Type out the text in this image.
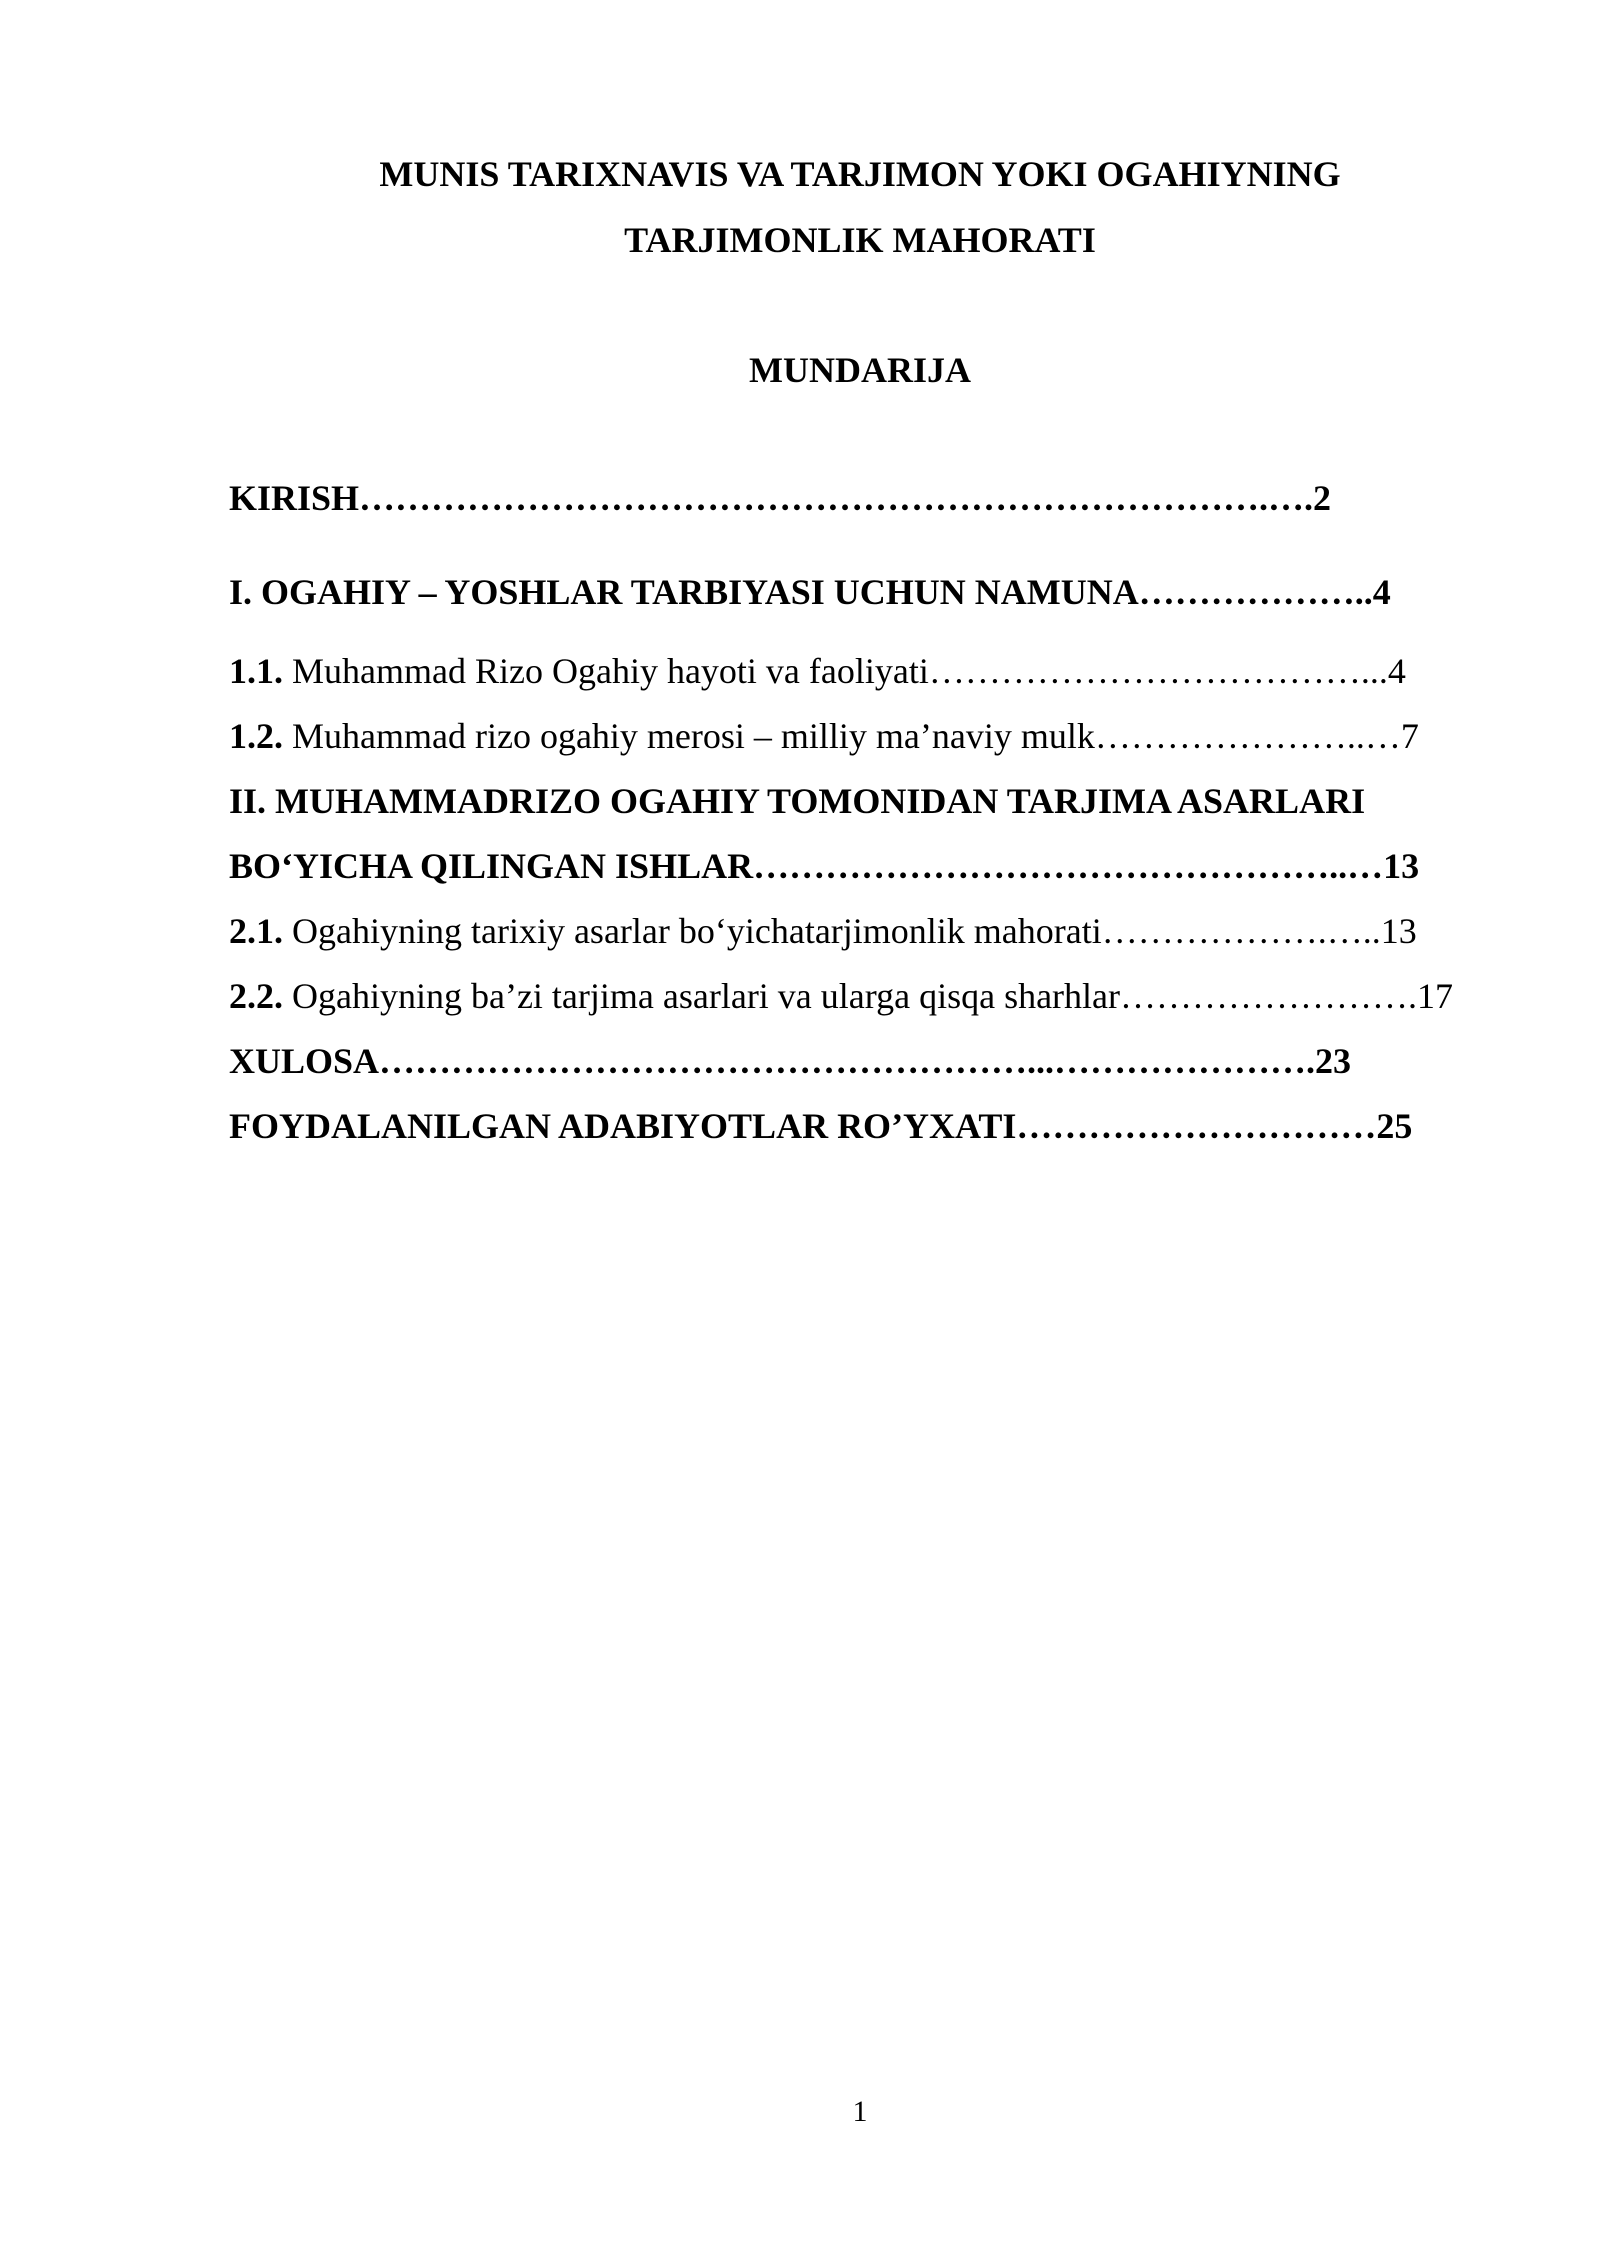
MUNIS TARIXNAVIS VA TARJIMON YOKI OGAHIYNING

TARJIMONLIK MAHORATI

MUNDARIJA

KIRISH………………………………………………………………….….2

I. OGAHIY – YOSHLAR TARBIYASI UCHUN NAMUNA………………..4

1.1. Muhammad Rizo Ogahiy hayoti va faoliyati………………………………...4

1.2. Muhammad rizo ogahiy merosi – milliy ma’naviy mulk…………………..…7

II. MUHAMMADRIZO OGAHIY TOMONIDAN TARJIMA ASARLARI

BO‘YICHA QILINGAN ISHLAR…………………………………………..…13

2.1. Ogahiyning tarixiy asarlar bo‘yichatarjimonlik mahorati……………….…..13

2.2. Ogahiyning ba’zi tarjima asarlari va ularga qisqa sharhlar…………………….17

XULOSA………………………………………………...………………….23

FOYDALANILGAN ADABIYOTLAR RO’YXATI…………………………25

1
